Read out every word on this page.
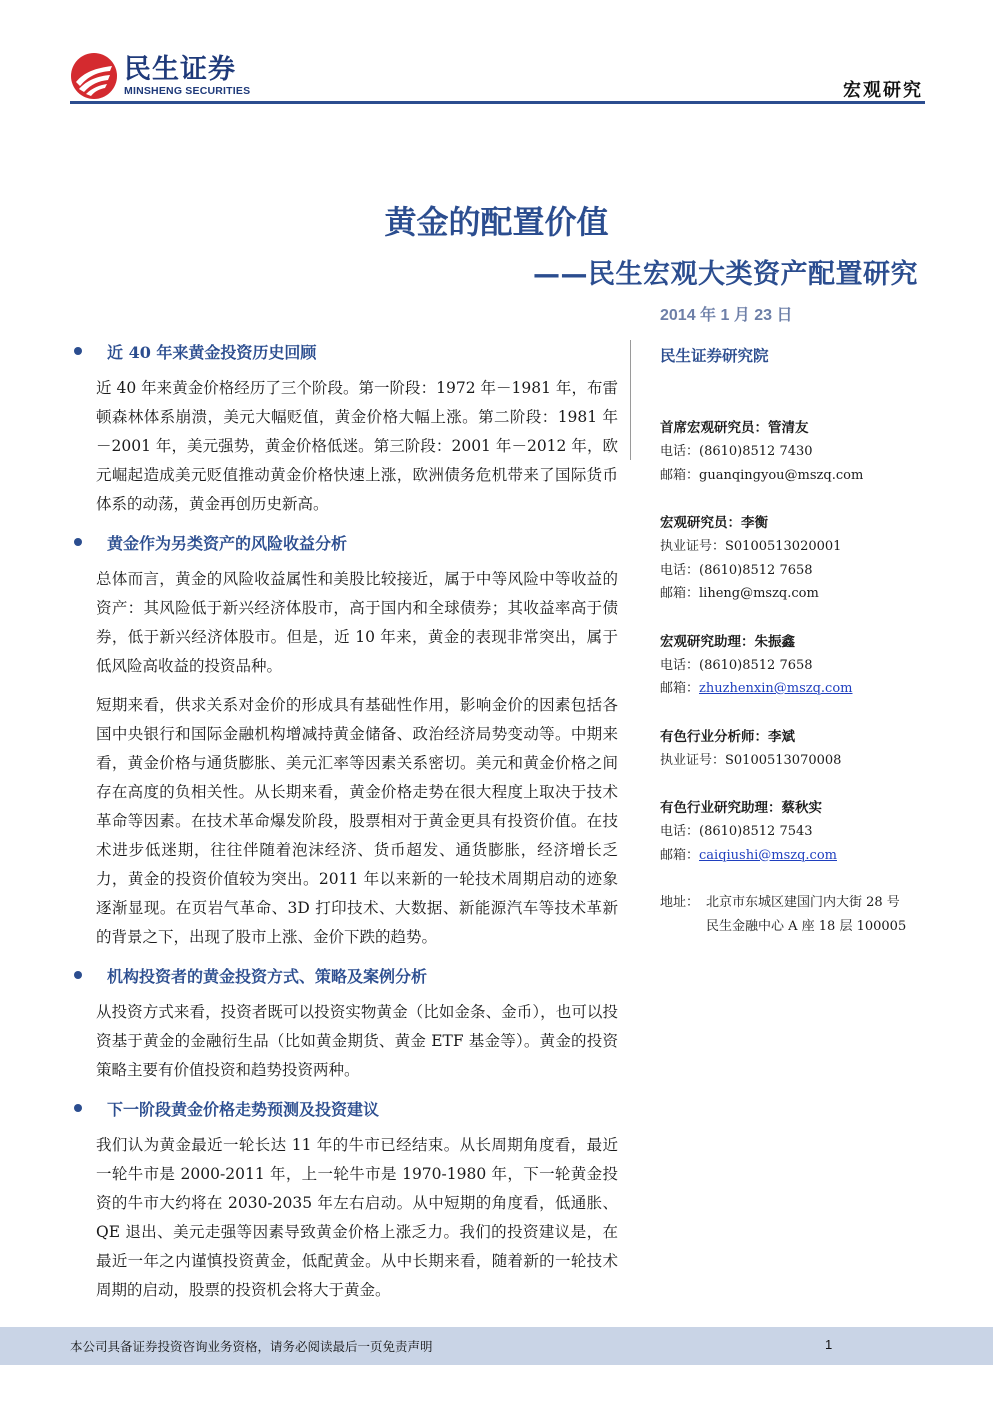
民生证券
MINSHENG SECURITIES	宏观研究
黄金的配置价值
——民生宏观大类资产配置研究
2014 年 1 月 23 日
近 40 年来黄金投资历史回顾

近 40 年来黄金价格经历了三个阶段。第一阶段：1972 年－1981 年，布雷顿森林体系崩溃，美元大幅贬值，黄金价格大幅上涨。第二阶段：1981 年－2001 年，美元强势，黄金价格低迷。第三阶段：2001 年－2012 年，欧元崛起造成美元贬值推动黄金价格快速上涨，欧洲债务危机带来了国际货币体系的动荡，黄金再创历史新高。

黄金作为另类资产的风险收益分析

总体而言，黄金的风险收益属性和美股比较接近，属于中等风险中等收益的资产：其风险低于新兴经济体股市，高于国内和全球债券；其收益率高于债券，低于新兴经济体股市。但是，近 10 年来，黄金的表现非常突出，属于低风险高收益的投资品种。

短期来看，供求关系对金价的形成具有基础性作用，影响金价的因素包括各国中央银行和国际金融机构增减持黄金储备、政治经济局势变动等。中期来看，黄金价格与通货膨胀、美元汇率等因素关系密切。美元和黄金价格之间存在高度的负相关性。从长期来看，黄金价格走势在很大程度上取决于技术革命等因素。在技术革命爆发阶段，股票相对于黄金更具有投资价值。在技术进步低迷期，往往伴随着泡沫经济、货币超发、通货膨胀，经济增长乏力，黄金的投资价值较为突出。2011 年以来新的一轮技术周期启动的迹象逐渐显现。在页岩气革命、3D 打印技术、大数据、新能源汽车等技术革新的背景之下，出现了股市上涨、金价下跌的趋势。

机构投资者的黄金投资方式、策略及案例分析

从投资方式来看，投资者既可以投资实物黄金（比如金条、金币），也可以投资基于黄金的金融衍生品（比如黄金期货、黄金 ETF 基金等）。黄金的投资策略主要有价值投资和趋势投资两种。

下一阶段黄金价格走势预测及投资建议

我们认为黄金最近一轮长达 11 年的牛市已经结束。从长周期角度看，最近一轮牛市是 2000-2011 年，上一轮牛市是 1970-1980 年，下一轮黄金投资的牛市大约将在 2030-2035 年左右启动。从中短期的角度看，低通胀、QE 退出、美元走强等因素导致黄金价格上涨乏力。我们的投资建议是，在最近一年之内谨慎投资黄金，低配黄金。从中长期来看，随着新的一轮技术周期的启动，股票的投资机会将大于黄金。

民生证券研究院
首席宏观研究员：管清友
电话：(8610)8512 7430
邮箱：guanqingyou@mszq.com
宏观研究员：李衡
执业证号：S0100513020001
电话：(8610)8512 7658
邮箱：liheng@mszq.com
宏观研究助理：朱振鑫
电话：(8610)8512 7658
邮箱：zhuzhenxin@mszq.com
有色行业分析师：李斌
执业证号：S0100513070008
有色行业研究助理：蔡秋实
电话：(8610)8512 7543
邮箱：caiqiushi@mszq.com
地址： 北京市东城区建国门内大街 28 号
民生金融中心 A 座 18 层 100005
本公司具备证券投资咨询业务资格，请务必阅读最后一页免责声明	1
